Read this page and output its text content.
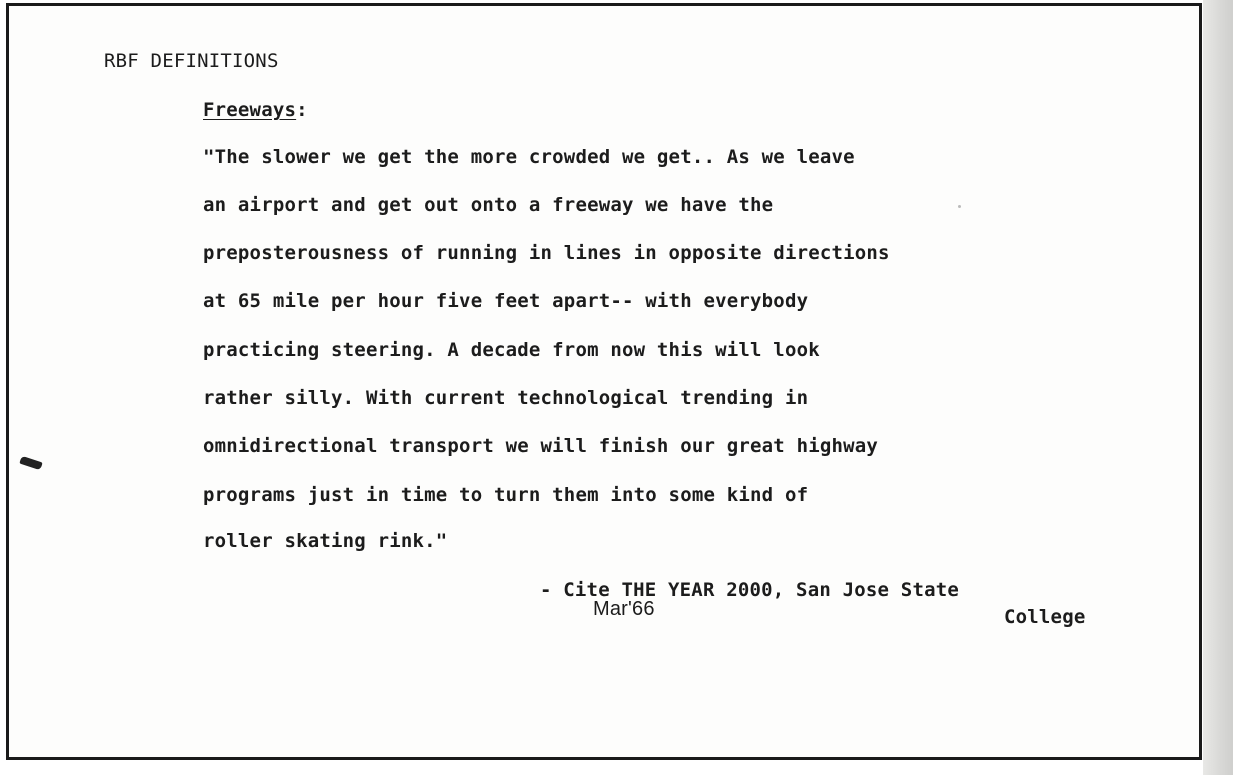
RBF DEFINITIONS
Freeways:
"The slower we get the more crowded we get.. As we leave
an airport and get out onto a freeway we have the
preposterousness of running in lines in opposite directions
at 65 mile per hour five feet apart-- with everybody
practicing steering. A decade from now this will look
rather silly. With current technological trending in
omnidirectional transport we will finish our great highway
programs just in time to turn them into some kind of
roller skating rink."
- Cite THE YEAR 2000, San Jose State
Mar'66	College
